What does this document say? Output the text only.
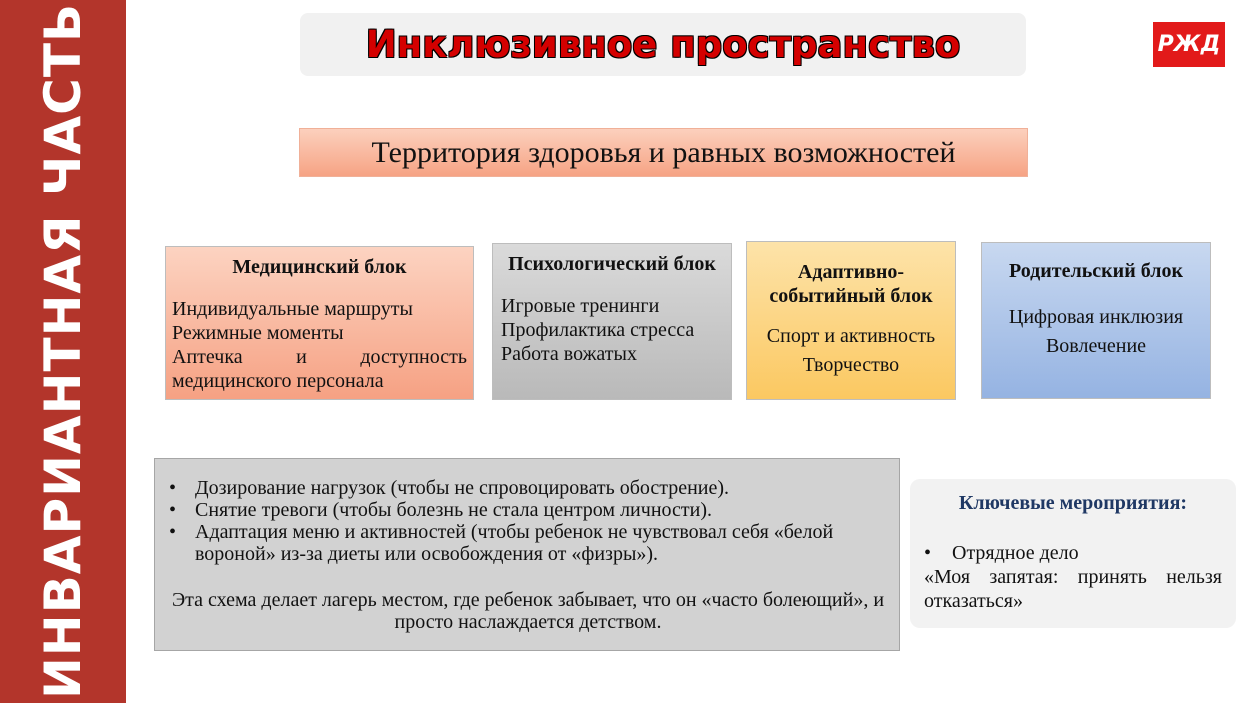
ИНВАРИАНТНАЯ ЧАСТЬ	Инклюзивное пространство	РЖД
Территория здоровья и равных возможностей
Медицинский блок
Индивидуальные маршруты
Режимные моменты
Аптечка и доступность
медицинского персонала
Психологический блок
Игровые тренинги
Профилактика стресса
Работа вожатых
Адаптивно-событийный блок
Спорт и активность
Творчество
Родительский блок
Цифровая инклюзия
Вовлечение
• Дозирование нагрузок (чтобы не спровоцировать обострение).
• Снятие тревоги (чтобы болезнь не стала центром личности).
• Адаптация меню и активностей (чтобы ребенок не чувствовал себя «белой вороной» из-за диеты или освобождения от «физры»).
Эта схема делает лагерь местом, где ребенок забывает, что он «часто болеющий», и просто наслаждается детством.
Ключевые мероприятия:
• Отрядное дело
«Моя запятая: принять нельзя отказаться»
